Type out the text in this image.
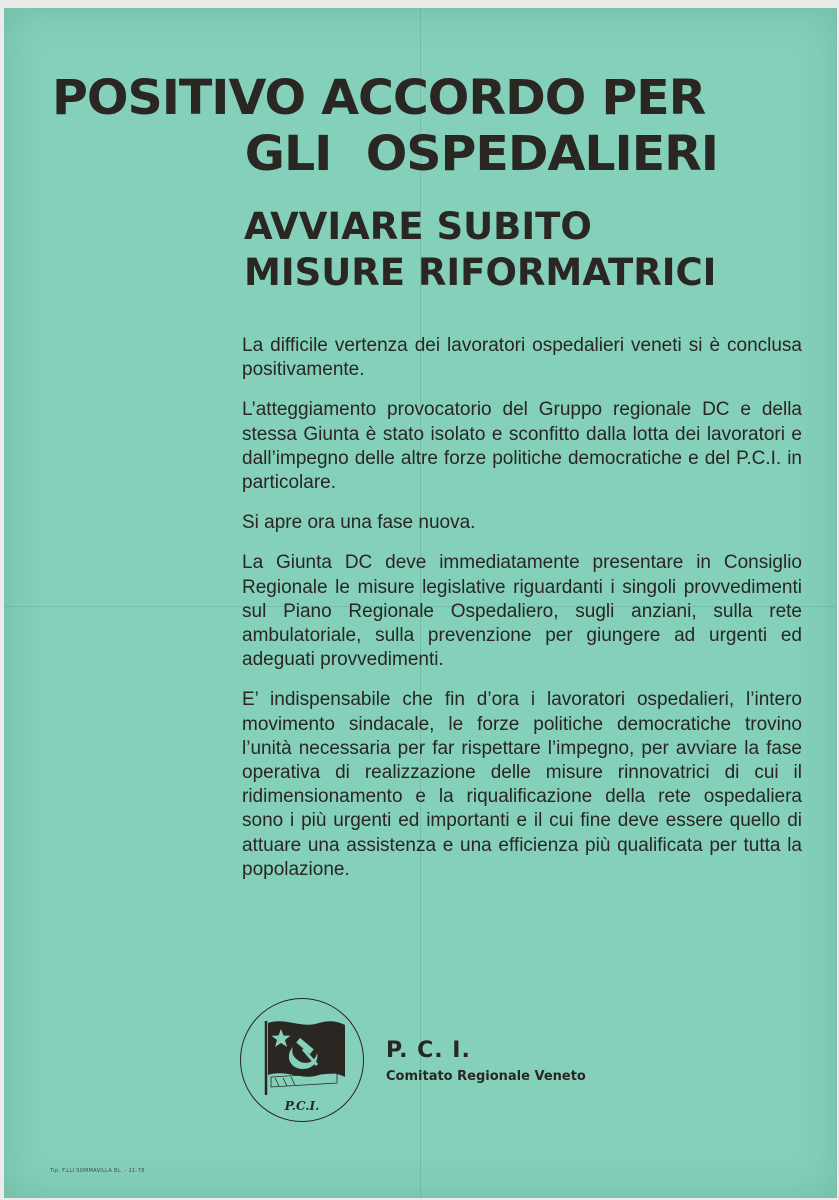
POSITIVO ACCORDO PER
GLI OSPEDALIERI
AVVIARE SUBITO
MISURE RIFORMATRICI

La difficile vertenza dei lavoratori ospedalieri veneti si è conclusa positivamente.

L’atteggiamento provocatorio del Gruppo regionale DC e della stessa Giunta è stato isolato e sconfitto dalla lotta dei lavoratori e dall’impegno delle altre forze politiche democratiche e del P.C.I. in particolare.

Si apre ora una fase nuova.

La Giunta DC deve immediatamente presentare in Consiglio Regionale le misure legislative riguardanti i singoli provvedimenti sul Piano Regionale Ospedaliero, sugli anziani, sulla rete ambulatoriale, sulla prevenzione per giungere ad urgenti ed adeguati provvedimenti.

E’ indispensabile che fin d’ora i lavoratori ospedalieri, l’intero movimento sindacale, le forze politiche democratiche trovino l’unità necessaria per far rispettare l’impegno, per avviare la fase operativa di realizzazione delle misure rinnovatrici di cui il ridimensionamento e la riqualificazione della rete ospedaliera sono i più urgenti ed importanti e il cui fine deve essere quello di attuare una assistenza e una efficienza più qualificata per tutta la popolazione.

P.C.I.
P. C. I.
Comitato Regionale Veneto
Tip. F.LLI SOMMAVILLA BL. - 11-78
